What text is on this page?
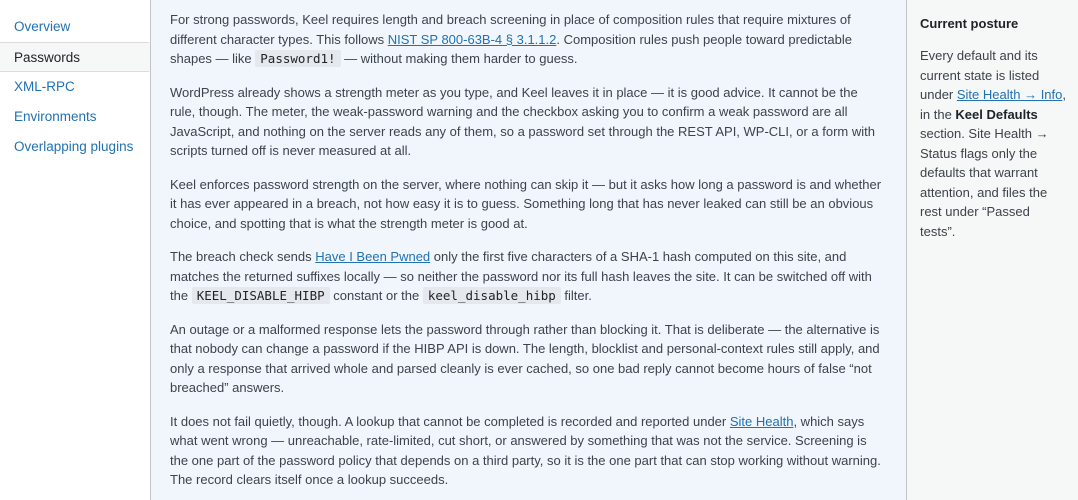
Overview
Passwords
XML-RPC
Environments
Overlapping plugins

For strong passwords, Keel requires length and breach screening in place of composition rules that require mixtures of different character types. This follows NIST SP 800-63B-4 § 3.1.1.2. Composition rules push people toward predictable shapes — like Password1! — without making them harder to guess.

WordPress already shows a strength meter as you type, and Keel leaves it in place — it is good advice. It cannot be the rule, though. The meter, the weak-password warning and the checkbox asking you to confirm a weak password are all JavaScript, and nothing on the server reads any of them, so a password set through the REST API, WP-CLI, or a form with scripts turned off is never measured at all.

Keel enforces password strength on the server, where nothing can skip it — but it asks how long a password is and whether it has ever appeared in a breach, not how easy it is to guess. Something long that has never leaked can still be an obvious choice, and spotting that is what the strength meter is good at.

The breach check sends Have I Been Pwned only the first five characters of a SHA-1 hash computed on this site, and matches the returned suffixes locally — so neither the password nor its full hash leaves the site. It can be switched off with the KEEL_DISABLE_HIBP constant or the keel_disable_hibp filter.

An outage or a malformed response lets the password through rather than blocking it. That is deliberate — the alternative is that nobody can change a password if the HIBP API is down. The length, blocklist and personal-context rules still apply, and only a response that arrived whole and parsed cleanly is ever cached, so one bad reply cannot become hours of false “not breached” answers.

It does not fail quietly, though. A lookup that cannot be completed is recorded and reported under Site Health, which says what went wrong — unreachable, rate-limited, cut short, or answered by something that was not the service. Screening is the one part of the password policy that depends on a third party, so it is the one part that can stop working without warning. The record clears itself once a lookup succeeds.

Current posture

Every default and its current state is listed under Site Health → Info, in the Keel Defaults section. Site Health → Status flags only the defaults that warrant attention, and files the rest under “Passed tests”.
